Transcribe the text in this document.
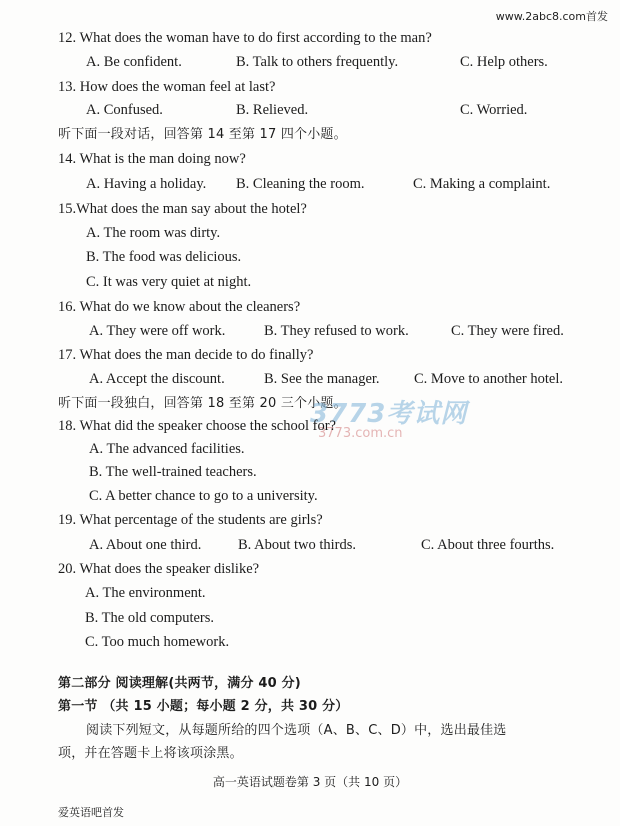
www.2abc8.com首发
12. What does the woman have to do first according to the man?
A. Be confident.	B. Talk to others frequently.	C. Help others.
13. How does the woman feel at last?
A. Confused.	B. Relieved.	C. Worried.
听下面一段对话，回答第 14 至第 17 四个小题。
14. What is the man doing now?
A. Having a holiday. B. Cleaning the room.	C. Making a complaint.
15.What does the man say about the hotel?
A. The room was dirty.
B. The food was delicious.
C. It was very quiet at night.
16. What do we know about the cleaners?
A. They were off work.	B. They refused to work.	C. They were fired.
17. What does the man decide to do finally?
A. Accept the discount.	B. See the manager. C. Move to another hotel.
听下面一段独白，回答第 18 至第 20 三个小题。
3773考试网
3773.com.cn
18. What did the speaker choose the school for?
A. The advanced facilities.
B. The well-trained teachers.
C. A better chance to go to a university.
19. What percentage of the students are girls?
A. About one third.	B. About two thirds.	C. About three fourths.
20. What does the speaker dislike?
A. The environment.
B. The old computers.
C. Too much homework.
第二部分 阅读理解(共两节，满分 40 分)
第一节 （共 15 小题；每小题 2 分，共 30 分）
阅读下列短文，从每题所给的四个选项（A、B、C、D）中，选出最佳选
项，并在答题卡上将该项涂黑。
高一英语试题卷第 3 页（共 10 页）
爱英语吧首发
